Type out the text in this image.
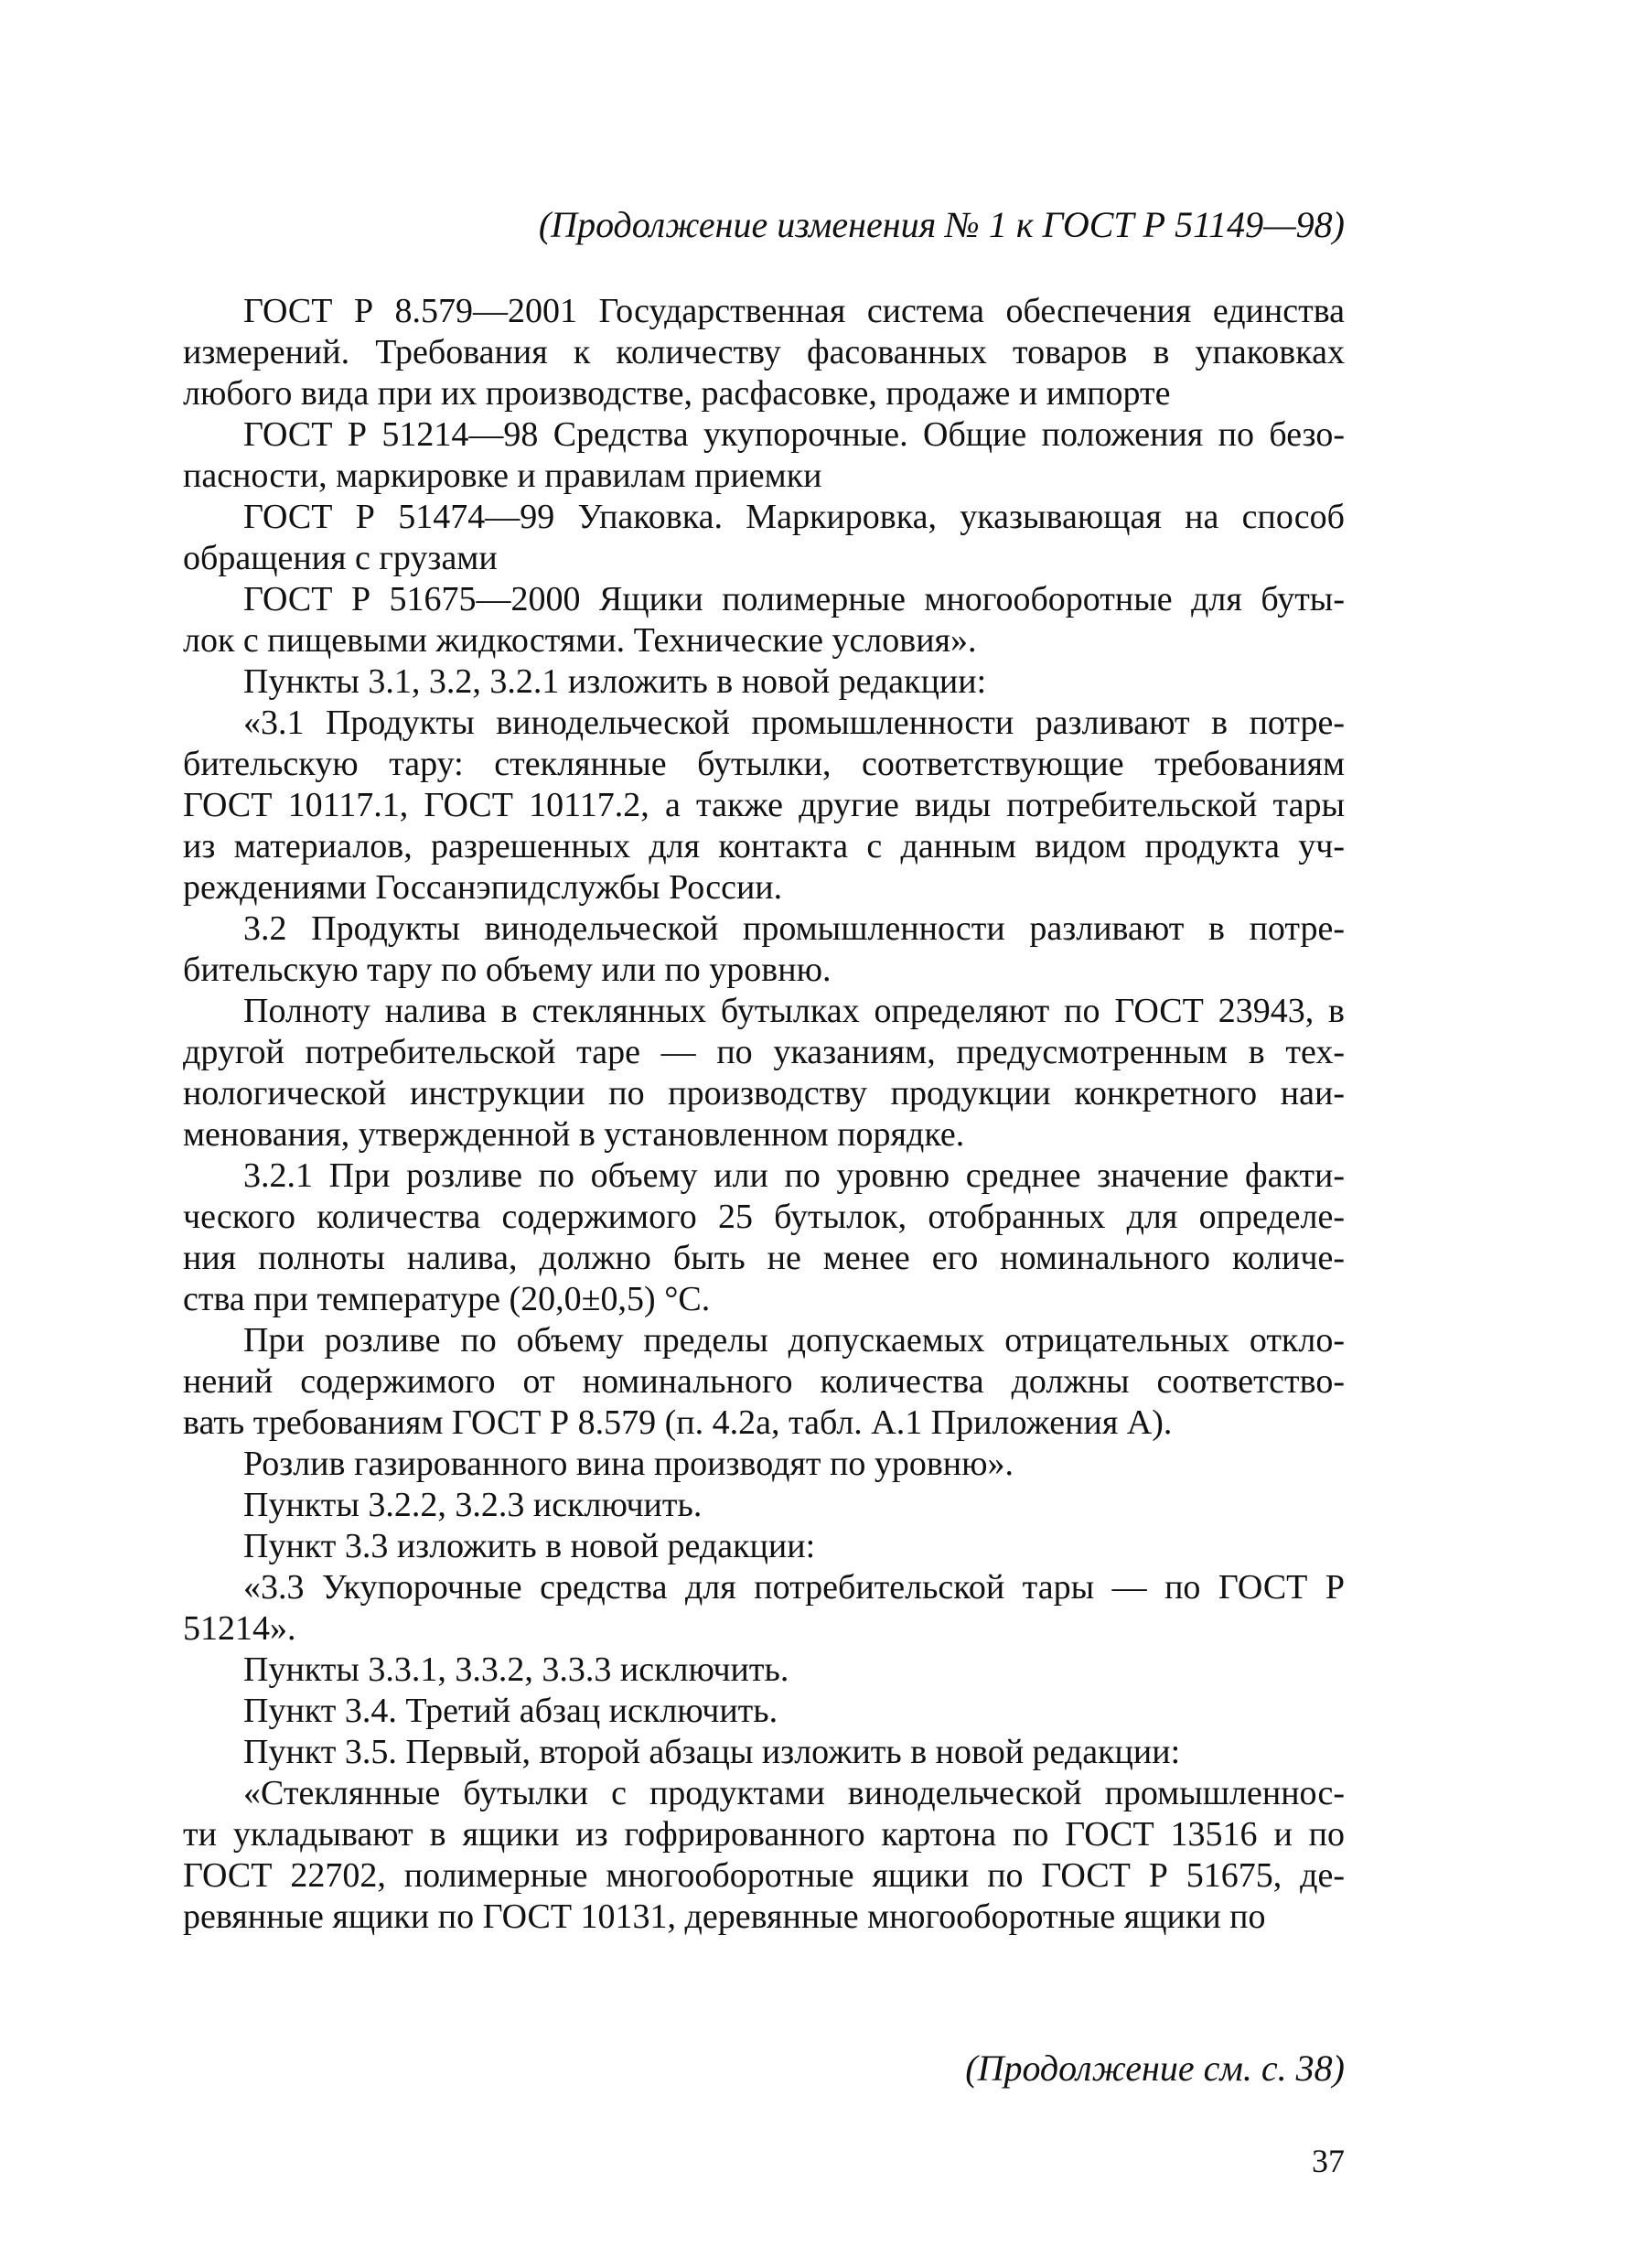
(Продолжение изменения № 1 к ГОСТ Р 51149—98)

ГОСТ Р 8.579—2001 Государственная система обеспечения единства
измерений. Требования к количеству фасованных товаров в упаковках
любого вида при их производстве, расфасовке, продаже и импорте

ГОСТ Р 51214—98 Средства укупорочные. Общие положения по безо-
пасности, маркировке и правилам приемки

ГОСТ Р 51474—99 Упаковка. Маркировка, указывающая на способ
обращения с грузами

ГОСТ Р 51675—2000 Ящики полимерные многооборотные для буты-
лок с пищевыми жидкостями. Технические условия».

Пункты 3.1, 3.2, 3.2.1 изложить в новой редакции:

«3.1 Продукты винодельческой промышленности разливают в потре-
бительскую тару: стеклянные бутылки, соответствующие требованиям
ГОСТ 10117.1, ГОСТ 10117.2, а также другие виды потребительской тары
из материалов, разрешенных для контакта с данным видом продукта уч-
реждениями Госсанэпидслужбы России.

3.2 Продукты винодельческой промышленности разливают в потре-
бительскую тару по объему или по уровню.

Полноту налива в стеклянных бутылках определяют по ГОСТ 23943, в
другой потребительской таре — по указаниям, предусмотренным в тех-
нологической инструкции по производству продукции конкретного наи-
менования, утвержденной в установленном порядке.

3.2.1 При розливе по объему или по уровню среднее значение факти-
ческого количества содержимого 25 бутылок, отобранных для определе-
ния полноты налива, должно быть не менее его номинального количе-
ства при температуре (20,0±0,5) °С.

При розливе по объему пределы допускаемых отрицательных откло-
нений содержимого от номинального количества должны соответство-
вать требованиям ГОСТ Р 8.579 (п. 4.2а, табл. А.1 Приложения А).

Розлив газированного вина производят по уровню».

Пункты 3.2.2, 3.2.3 исключить.

Пункт 3.3 изложить в новой редакции:

«3.3 Укупорочные средства для потребительской тары — по ГОСТ Р
51214».

Пункты 3.3.1, 3.3.2, 3.3.3 исключить.

Пункт 3.4. Третий абзац исключить.

Пункт 3.5. Первый, второй абзацы изложить в новой редакции:

«Стеклянные бутылки с продуктами винодельческой промышленнос-
ти укладывают в ящики из гофрированного картона по ГОСТ 13516 и по
ГОСТ 22702, полимерные многооборотные ящики по ГОСТ Р 51675, де-
ревянные ящики по ГОСТ 10131, деревянные многооборотные ящики по

(Продолжение см. с. 38)
37
